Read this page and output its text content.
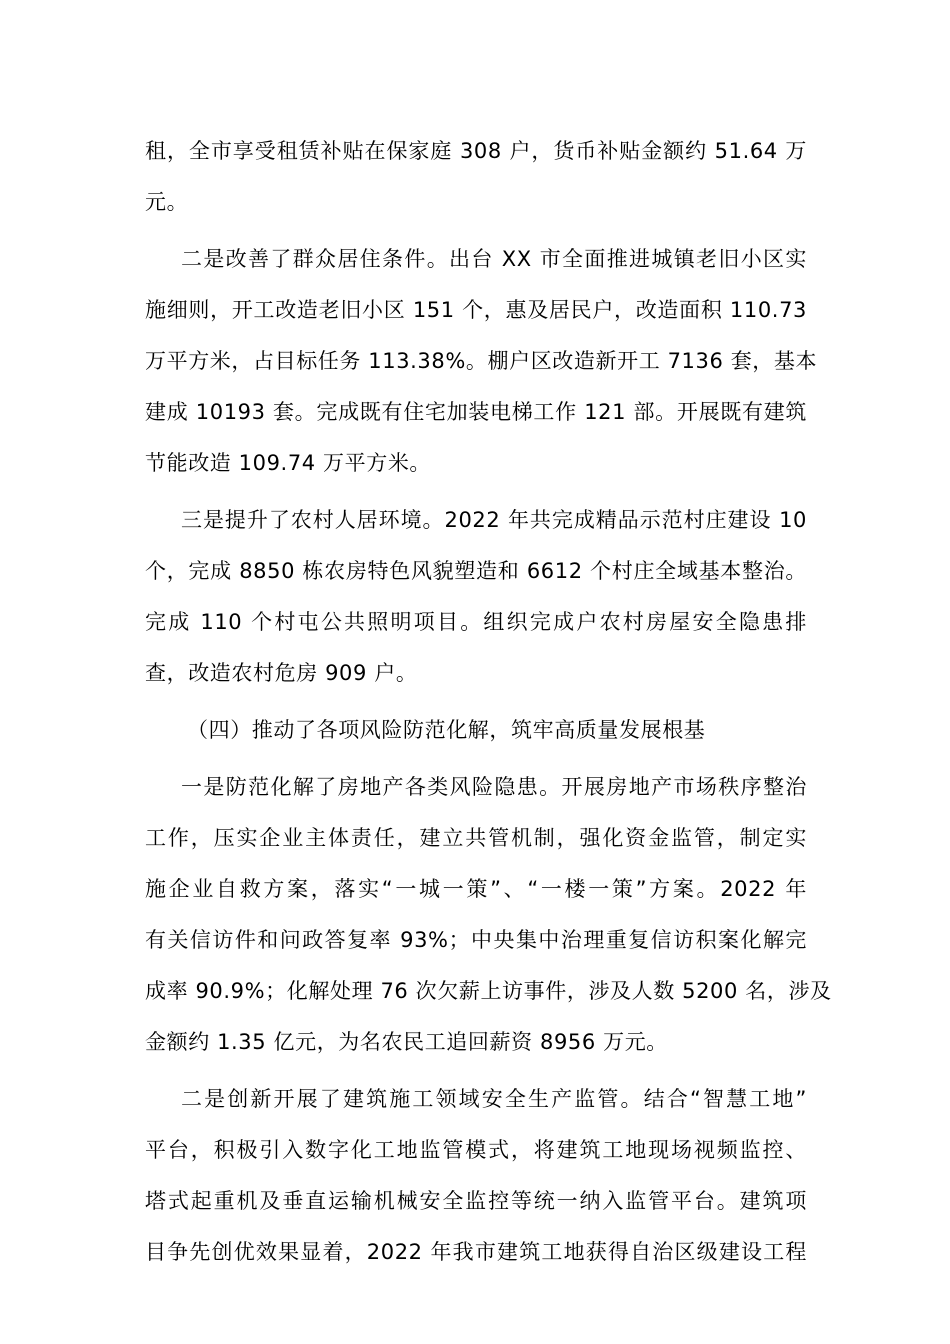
租，全市享受租赁补贴在保家庭 308 户，货币补贴金额约 51.64 万
元。
二是改善了群众居住条件。出台 XX 市全面推进城镇老旧小区实
施细则，开工改造老旧小区 151 个，惠及居民户，改造面积 110.73
万平方米，占目标任务 113.38%。棚户区改造新开工 7136 套，基本
建成 10193 套。完成既有住宅加装电梯工作 121 部。开展既有建筑
节能改造 109.74 万平方米。
三是提升了农村人居环境。2022 年共完成精品示范村庄建设 10
个，完成 8850 栋农房特色风貌塑造和 6612 个村庄全域基本整治。
完成 110 个村屯公共照明项目。组织完成户农村房屋安全隐患排
查，改造农村危房 909 户。
（四）推动了各项风险防范化解，筑牢高质量发展根基
一是防范化解了房地产各类风险隐患。开展房地产市场秩序整治
工作，压实企业主体责任，建立共管机制，强化资金监管，制定实
施企业自救方案，落实“一城一策”、“一楼一策”方案。2022 年
有关信访件和问政答复率 93%；中央集中治理重复信访积案化解完
成率 90.9%；化解处理 76 次欠薪上访事件，涉及人数 5200 名，涉及
金额约 1.35 亿元，为名农民工追回薪资 8956 万元。
二是创新开展了建筑施工领域安全生产监管。结合“智慧工地”
平台，积极引入数字化工地监管模式，将建筑工地现场视频监控、
塔式起重机及垂直运输机械安全监控等统一纳入监管平台。建筑项
目争先创优效果显着，2022 年我市建筑工地获得自治区级建设工程
